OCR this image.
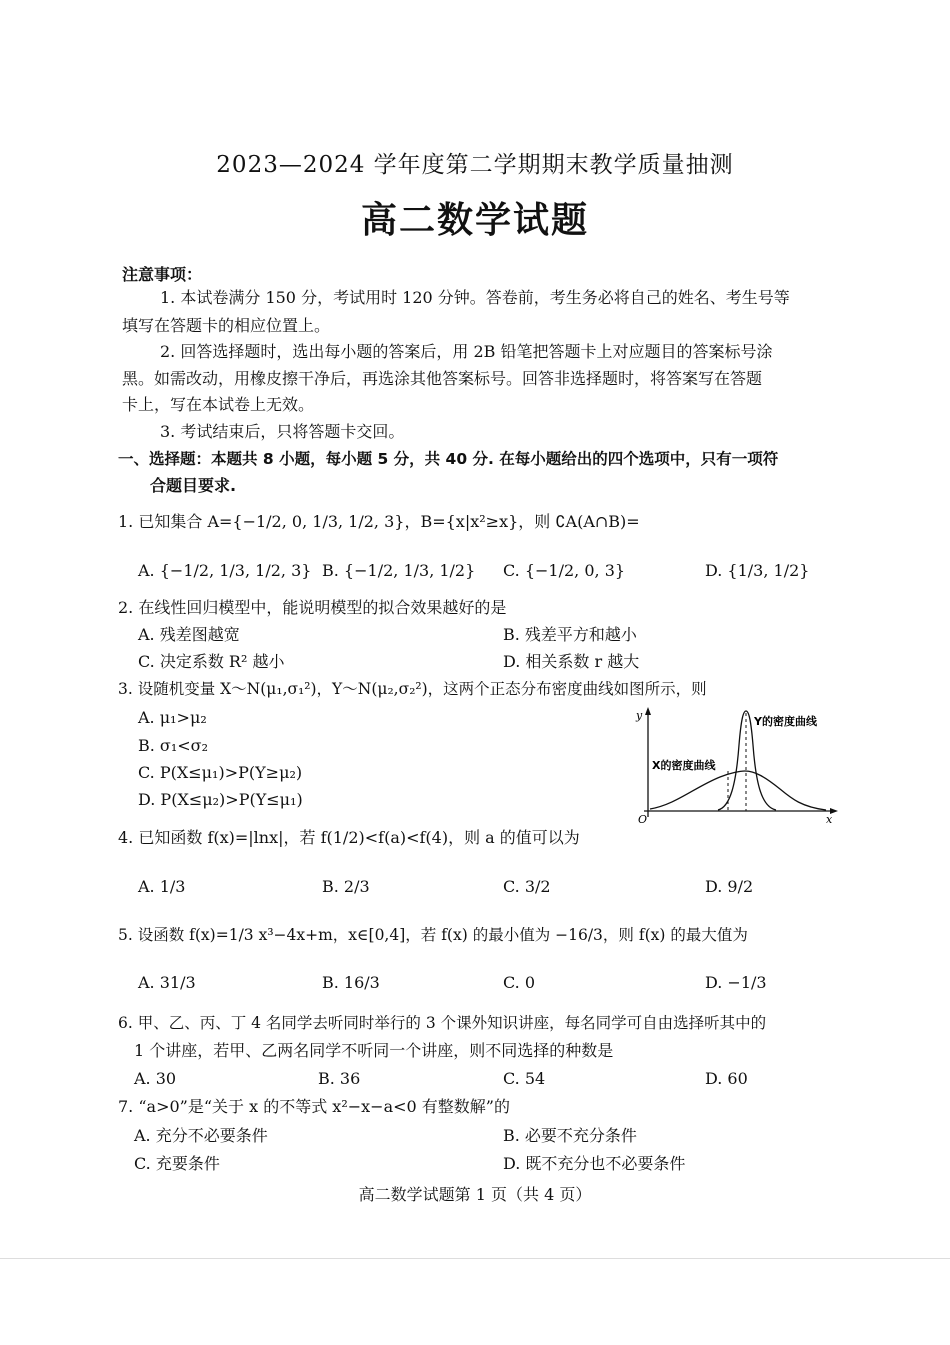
2023—2024 学年度第二学期期末教学质量抽测
高二数学试题
注意事项：
1. 本试卷满分 150 分，考试用时 120 分钟。答卷前，考生务必将自己的姓名、考生号等
填写在答题卡的相应位置上。
2. 回答选择题时，选出每小题的答案后，用 2B 铅笔把答题卡上对应题目的答案标号涂
黑。如需改动，用橡皮擦干净后，再选涂其他答案标号。回答非选择题时，将答案写在答题
卡上，写在本试卷上无效。
3. 考试结束后，只将答题卡交回。
一、选择题：本题共 8 小题，每小题 5 分，共 40 分. 在每小题给出的四个选项中，只有一项符
合题目要求.
1. 已知集合 A={−1/2, 0, 1/3, 1/2, 3}，B={x|x²≥x}，则 ∁A(A∩B)=
A. {−1/2, 1/3, 1/2, 3} B. {−1/2, 1/3, 1/2} C. {−1/2, 0, 3}	D. {1/3, 1/2}
2. 在线性回归模型中，能说明模型的拟合效果越好的是
A. 残差图越宽	B. 残差平方和越小
C. 决定系数 R² 越小	D. 相关系数 r 越大
3. 设随机变量 X～N(μ₁,σ₁²)，Y～N(μ₂,σ₂²)，这两个正态分布密度曲线如图所示，则
A. μ₁>μ₂
B. σ₁<σ₂
C. P(X≤μ₁)>P(Y≥μ₂)
D. P(X≤μ₂)>P(Y≤μ₁)
y
x
O
Y的密度曲线
X的密度曲线
4. 已知函数 f(x)=|lnx|，若 f(1/2)<f(a)<f(4)，则 a 的值可以为
A. 1/3	B. 2/3	C. 3/2	D. 9/2
5. 设函数 f(x)=1/3 x³−4x+m，x∈[0,4]，若 f(x) 的最小值为 −16/3，则 f(x) 的最大值为
A. 31/3	B. 16/3	C. 0	D. −1/3
6. 甲、乙、丙、丁 4 名同学去听同时举行的 3 个课外知识讲座，每名同学可自由选择听其中的
1 个讲座，若甲、乙两名同学不听同一个讲座，则不同选择的种数是
A. 30	B. 36	C. 54	D. 60
7. “a>0”是“关于 x 的不等式 x²−x−a<0 有整数解”的
A. 充分不必要条件	B. 必要不充分条件
C. 充要条件	D. 既不充分也不必要条件
高二数学试题第 1 页（共 4 页）
